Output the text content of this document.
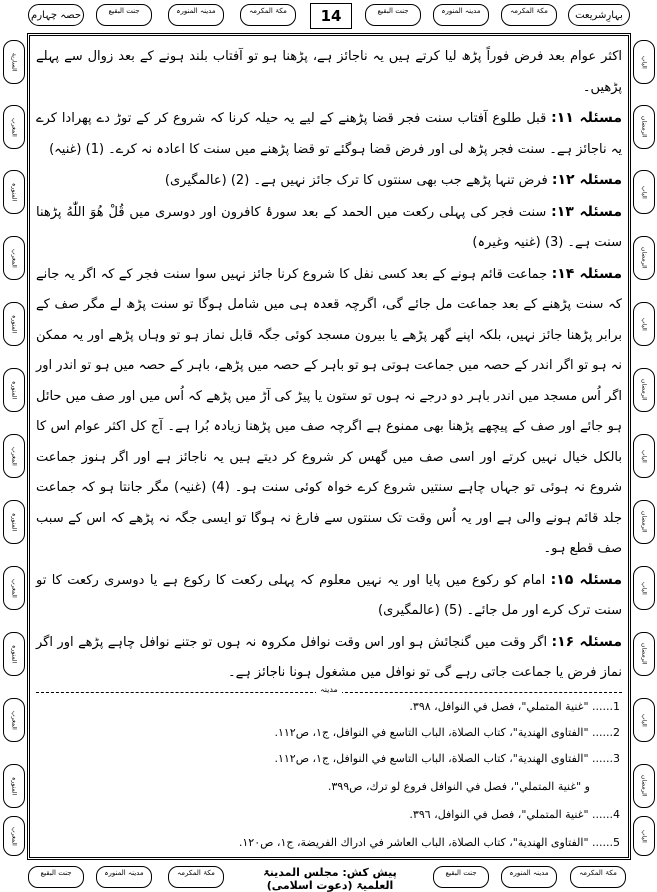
حصہ چہارم	جنت البقیع	مدینہ المنورہ	مکۃ المکرمہ	14	جنت البقیع	مدینہ المنورہ	مکۃ المکرمہ	بہارِشریعت
الساریة
المغرب
المنورہ
المغرب
المنورہ
المنورہ
المغرب
المنورہ
المغرب
المنورہ
المغرب
المنورہ
المغرب
الباب
الرمضان
الباب
الرمضان
الباب
الرمضان
الباب
الرمضان
الباب
الرمضان
الباب
الرمضان
الباب

اکثر عوام بعد فرض فوراً پڑھ لیا کرتے ہیں یہ ناجائز ہے، پڑھنا ہو تو آفتاب بلند ہونے کے بعد زوال سے پہلے پڑھیں۔

مسئلہ ۱۱: قبل طلوع آفتاب سنت فجر قضا پڑھنے کے لیے یہ حیلہ کرنا کہ شروع کر کے توڑ دے پھرادا کرے یہ ناجائز ہے۔ سنت فجر پڑھ لی اور فرض قضا ہوگئے تو قضا پڑھنے میں سنت کا اعادہ نہ کرے۔ (1) (غنیہ)

مسئلہ ۱۲: فرض تنہا پڑھے جب بھی سنتوں کا ترک جائز نہیں ہے۔ (2) (عالمگیری)

مسئلہ ۱۳: سنت فجر کی پہلی رکعت میں الحمد کے بعد سورۂ کافرون اور دوسری میں قُلْ هُوَ اللّٰهُ پڑھنا سنت ہے۔ (3) (غنیہ وغیرہ)

مسئلہ ۱۴: جماعت قائم ہونے کے بعد کسی نفل کا شروع کرنا جائز نہیں سوا سنت فجر کے کہ اگر یہ جانے کہ سنت پڑھنے کے بعد جماعت مل جائے گی، اگرچہ قعدہ ہی میں شامل ہوگا تو سنت پڑھ لے مگر صف کے برابر پڑھنا جائز نہیں، بلکہ اپنے گھر پڑھے یا بیرون مسجد کوئی جگہ قابل نماز ہو تو وہاں پڑھے اور یہ ممکن نہ ہو تو اگر اندر کے حصہ میں جماعت ہوتی ہو تو باہر کے حصہ میں پڑھے، باہر کے حصہ میں ہو تو اندر اور اگر اُس مسجد میں اندر باہر دو درجے نہ ہوں تو ستون یا پیڑ کی آڑ میں پڑھے کہ اُس میں اور صف میں حائل ہو جائے اور صف کے پیچھے پڑھنا بھی ممنوع ہے اگرچہ صف میں پڑھنا زیادہ بُرا ہے۔ آج کل اکثر عوام اس کا بالکل خیال نہیں کرتے اور اسی صف میں گھس کر شروع کر دیتے ہیں یہ ناجائز ہے اور اگر ہنوز جماعت شروع نہ ہوئی تو جہاں چاہے سنتیں شروع کرے خواہ کوئی سنت ہو۔ (4) (غنیہ) مگر جانتا ہو کہ جماعت جلد قائم ہونے والی ہے اور یہ اُس وقت تک سنتوں سے فارغ نہ ہوگا تو ایسی جگہ نہ پڑھے کہ اس کے سبب صف قطع ہو۔

مسئلہ ۱۵: امام کو رکوع میں پایا اور یہ نہیں معلوم کہ پہلی رکعت کا رکوع ہے یا دوسری رکعت کا تو سنت ترک کرے اور مل جائے۔ (5) (عالمگیری)

مسئلہ ۱۶: اگر وقت میں گنجائش ہو اور اس وقت نوافل مکروہ نہ ہوں تو جتنے نوافل چاہے پڑھے اور اگر نماز فرض یا جماعت جاتی رہے گی تو نوافل میں مشغول ہونا ناجائز ہے۔

مدینہ
1...... "غنية المتملي"، فصل في النوافل، ٣٩٨.
2...... "الفتاوى الهندية"، كتاب الصلاة، الباب التاسع في النوافل، ج١، ص١١٢.
3...... "الفتاوى الهندية"، كتاب الصلاة، الباب التاسع في النوافل، ج١، ص١١٢.
و "غنية المتملي"، فصل في النوافل فروع لو ترك، ص٣٩٩.
4...... "غنية المتملي"، فصل في النوافل، ٣٩٦.
5...... "الفتاوى الهندية"، كتاب الصلاة، الباب العاشر في ادراك الفريضة، ج١، ص١٢٠.
جنت البقیع	مدینہ المنورہ	مکۃ المکرمہ	پیش کش: مجلس المدینۃ العلمیۃ (دعوت اسلامی)
جنت البقیع	مدینہ المنورہ	مکۃ المکرمہ
